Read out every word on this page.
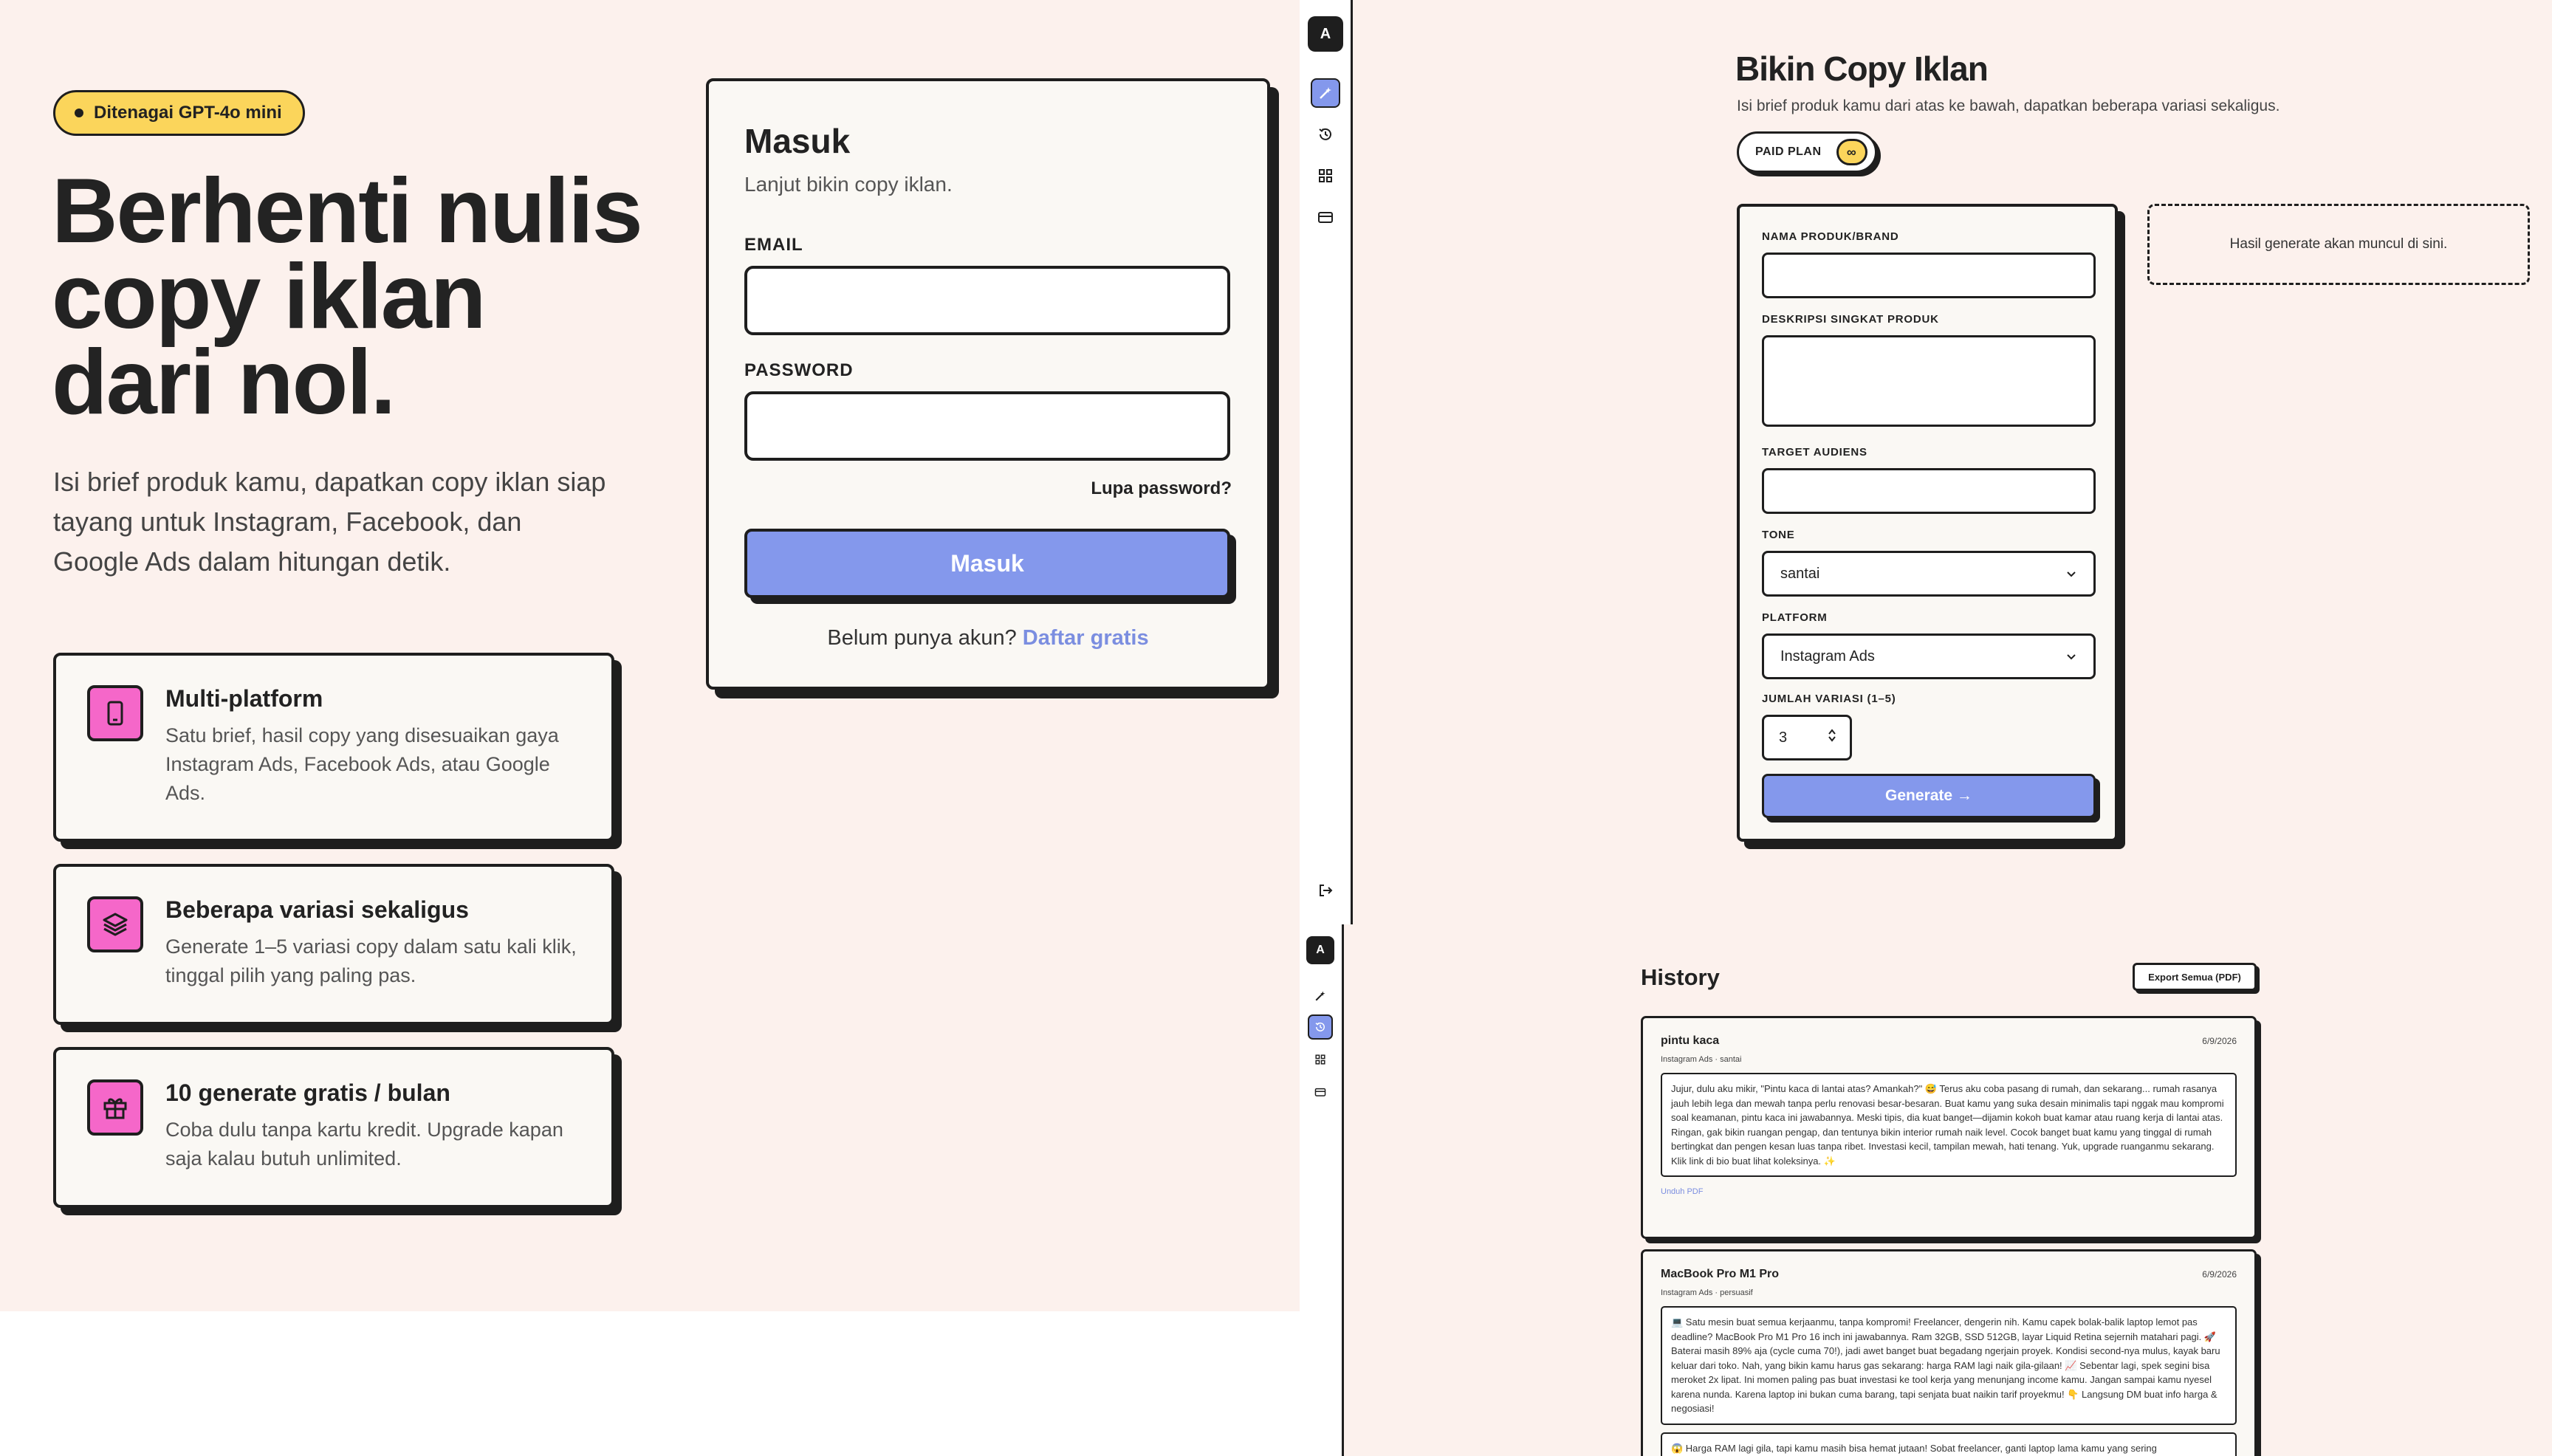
Ditenagai GPT-4o mini
Berhenti nulis
copy iklan
dari nol.

Isi brief produk kamu, dapatkan copy iklan siap tayang untuk Instagram, Facebook, dan Google Ads dalam hitungan detik.

Multi-platform
Satu brief, hasil copy yang disesuaikan gaya Instagram Ads, Facebook Ads, atau Google Ads.
Beberapa variasi sekaligus
Generate 1–5 variasi copy dalam satu kali klik, tinggal pilih yang paling pas.
10 generate gratis / bulan
Coba dulu tanpa kartu kredit. Upgrade kapan saja kalau butuh unlimited.
Masuk
Lanjut bikin copy iklan.
EMAIL
PASSWORD
Lupa password?
Masuk
Belum punya akun? Daftar gratis
A
Bikin Copy Iklan
Isi brief produk kamu dari atas ke bawah, dapatkan beberapa variasi sekaligus.
PAID PLAN	∞
NAMA PRODUK/BRAND
DESKRIPSI SINGKAT PRODUK
TARGET AUDIENS
TONE
santai
PLATFORM
Instagram Ads
JUMLAH VARIASI (1–5)
3
Generate →
Hasil generate akan muncul di sini.
A
History	Export Semua (PDF)
pintu kaca	6/9/2026
Instagram Ads · santai
Jujur, dulu aku mikir, "Pintu kaca di lantai atas? Amankah?" 😅 Terus aku coba pasang di rumah, dan sekarang... rumah rasanya jauh lebih lega dan mewah tanpa perlu renovasi besar-besaran. Buat kamu yang suka desain minimalis tapi nggak mau kompromi soal keamanan, pintu kaca ini jawabannya. Meski tipis, dia kuat banget—dijamin kokoh buat kamar atau ruang kerja di lantai atas. Ringan, gak bikin ruangan pengap, dan tentunya bikin interior rumah naik level. Cocok banget buat kamu yang tinggal di rumah bertingkat dan pengen kesan luas tanpa ribet. Investasi kecil, tampilan mewah, hati tenang. Yuk, upgrade ruanganmu sekarang. Klik link di bio buat lihat koleksinya. ✨
Unduh PDF
MacBook Pro M1 Pro	6/9/2026
Instagram Ads · persuasif
💻 Satu mesin buat semua kerjaanmu, tanpa kompromi! Freelancer, dengerin nih. Kamu capek bolak-balik laptop lemot pas deadline? MacBook Pro M1 Pro 16 inch ini jawabannya. Ram 32GB, SSD 512GB, layar Liquid Retina sejernih matahari pagi. 🚀 Baterai masih 89% aja (cycle cuma 70!), jadi awet banget buat begadang ngerjain proyek. Kondisi second-nya mulus, kayak baru keluar dari toko. Nah, yang bikin kamu harus gas sekarang: harga RAM lagi naik gila-gilaan! 📈 Sebentar lagi, spek segini bisa meroket 2x lipat. Ini momen paling pas buat investasi ke tool kerja yang menunjang income kamu. Jangan sampai kamu nyesel karena nunda. Karena laptop ini bukan cuma barang, tapi senjata buat naikin tarif proyekmu! 👇 Langsung DM buat info harga & negosiasi!
😱 Harga RAM lagi gila, tapi kamu masih bisa hemat jutaan! Sobat freelancer, ganti laptop lama kamu yang sering
